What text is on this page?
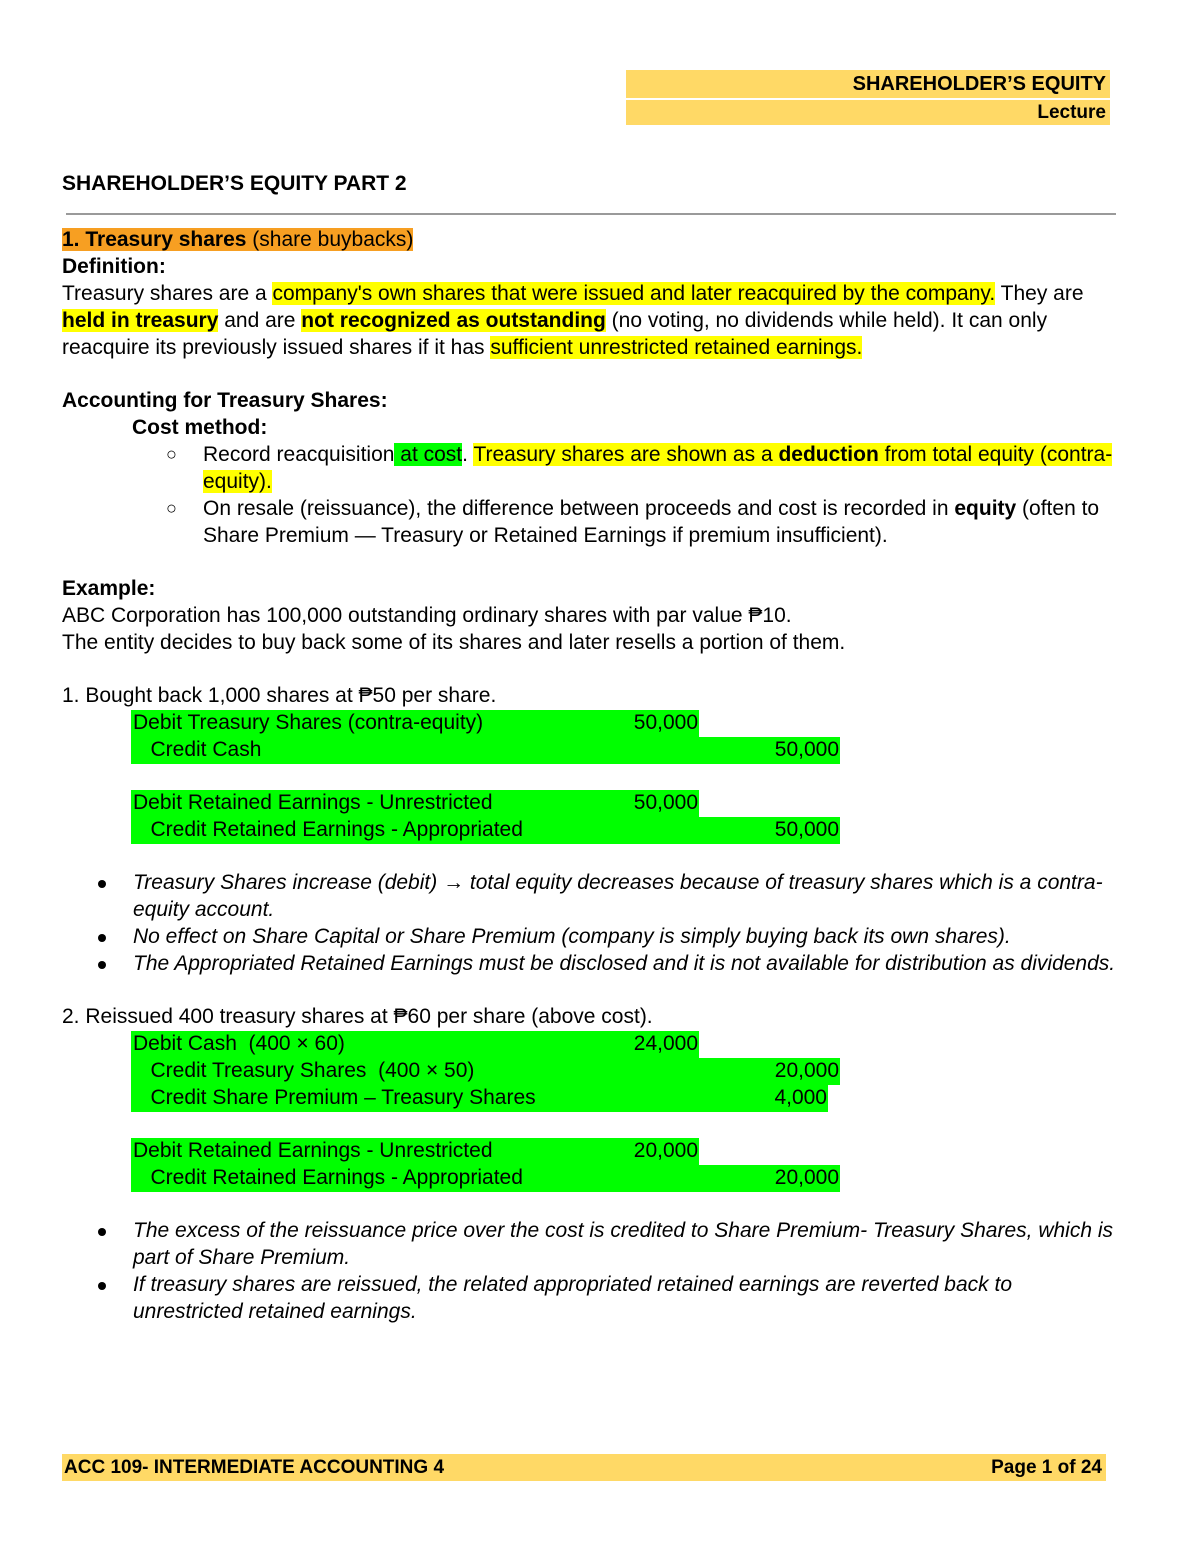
SHAREHOLDER’S EQUITY
Lecture
SHAREHOLDER’S EQUITY PART 2

1. Treasury shares (share buybacks)

Definition:

Treasury shares are a company's own shares that were issued and later reacquired by the company. They are held in treasury and are not recognized as outstanding (no voting, no dividends while held). It can only reacquire its previously issued shares if it has sufficient unrestricted retained earnings.

Accounting for Treasury Shares:

Cost method:

○ Record reacquisition at cost. Treasury shares are shown as a deduction from total equity (contra-equity).
○ On resale (reissuance), the difference between proceeds and cost is recorded in equity (often to Share Premium — Treasury or Retained Earnings if premium insufficient).

Example:

ABC Corporation has 100,000 outstanding ordinary shares with par value ₱10.

The entity decides to buy back some of its shares and later resells a portion of them.

1. Bought back 1,000 shares at ₱50 per share.

Debit Treasury Shares (contra-equity)	50,000
Credit Cash	50,000
Debit Retained Earnings - Unrestricted	50,000
Credit Retained Earnings - Appropriated	50,000
Treasury Shares increase (debit) → total equity decreases because of treasury shares which is a contra-equity account.
No effect on Share Capital or Share Premium (company is simply buying back its own shares).
The Appropriated Retained Earnings must be disclosed and it is not available for distribution as dividends.

2. Reissued 400 treasury shares at ₱60 per share (above cost).

Debit Cash  (400 × 60)	24,000
Credit Treasury Shares  (400 × 50)	20,000
Credit Share Premium – Treasury Shares	4,000
Debit Retained Earnings - Unrestricted	20,000
Credit Retained Earnings - Appropriated	20,000
The excess of the reissuance price over the cost is credited to Share Premium- Treasury Shares, which is part of Share Premium.
If treasury shares are reissued, the related appropriated retained earnings are reverted back to unrestricted retained earnings.
ACC 109- INTERMEDIATE ACCOUNTING 4	Page 1 of 24
